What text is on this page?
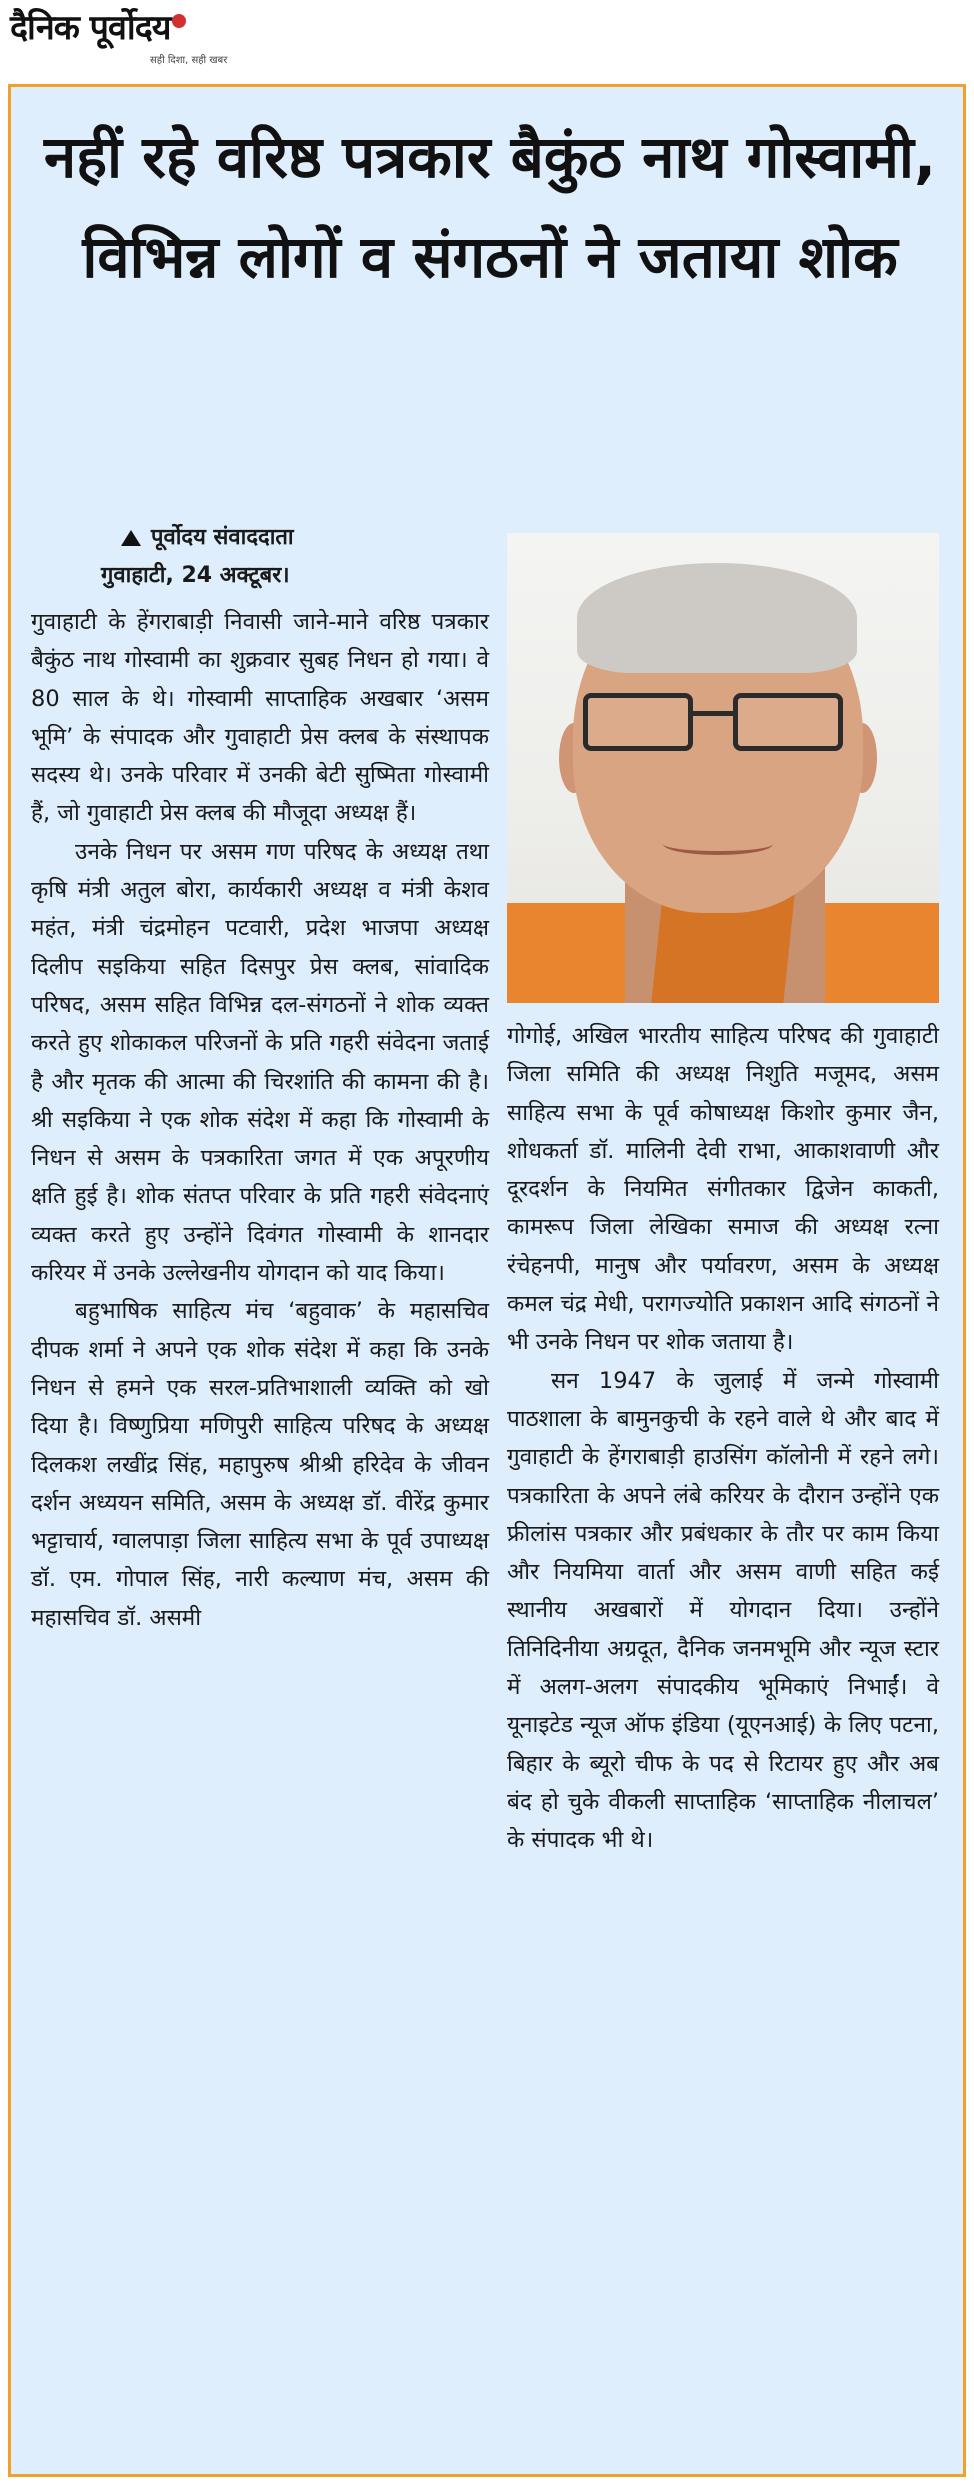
दैनिक पूर्वोदय
सही दिशा, सही खबर
नहीं रहे वरिष्ठ पत्रकार बैकुंठ नाथ गोस्वामी, विभिन्न लोगों व संगठनों ने जताया शोक
पूर्वोदय संवाददाता
गुवाहाटी, 24 अक्टूबर।

गुवाहाटी के हेंगराबाड़ी निवासी जाने-माने वरिष्ठ पत्रकार बैकुंठ नाथ गोस्वामी का शुक्रवार सुबह निधन हो गया। वे 80 साल के थे। गोस्वामी साप्ताहिक अखबार ‘असम भूमि’ के संपादक और गुवाहाटी प्रेस क्लब के संस्थापक सदस्य थे। उनके परिवार में उनकी बेटी सुष्मिता गोस्वामी हैं, जो गुवाहाटी प्रेस क्लब की मौजूदा अध्यक्ष हैं।

उनके निधन पर असम गण परिषद के अध्यक्ष तथा कृषि मंत्री अतुल बोरा, कार्यकारी अध्यक्ष व मंत्री केशव महंत, मंत्री चंद्रमोहन पटवारी, प्रदेश भाजपा अध्यक्ष दिलीप सइकिया सहित दिसपुर प्रेस क्लब, सांवादिक परिषद, असम सहित विभिन्न दल-संगठनों ने शोक व्यक्त करते हुए शोकाकल परिजनों के प्रति गहरी संवेदना जताई है और मृतक की आत्मा की चिरशांति की कामना की है। श्री सइकिया ने एक शोक संदेश में कहा कि गोस्वामी के निधन से असम के पत्रकारिता जगत में एक अपूरणीय क्षति हुई है। शोक संतप्त परिवार के प्रति गहरी संवेदनाएं व्यक्त करते हुए उन्होंने दिवंगत गोस्वामी के शानदार करियर में उनके उल्लेखनीय योगदान को याद किया।

बहुभाषिक साहित्य मंच ‘बहुवाक’ के महासचिव दीपक शर्मा ने अपने एक शोक संदेश में कहा कि उनके निधन से हमने एक सरल-प्रतिभाशाली व्यक्ति को खो दिया है। विष्णुप्रिया मणिपुरी साहित्य परिषद के अध्यक्ष दिलकश लखींद्र सिंह, महापुरुष श्रीश्री हरिदेव के जीवन दर्शन अध्ययन समिति, असम के अध्यक्ष डॉ. वीरेंद्र कुमार भट्टाचार्य, ग्वालपाड़ा जिला साहित्य सभा के पूर्व उपाध्यक्ष डॉ. एम. गोपाल सिंह, नारी कल्याण मंच, असम की महासचिव डॉ. असमी

गोगोई, अखिल भारतीय साहित्य परिषद की गुवाहाटी जिला समिति की अध्यक्ष निशुति मजूमद, असम साहित्य सभा के पूर्व कोषाध्यक्ष किशोर कुमार जैन, शोधकर्ता डॉ. मालिनी देवी राभा, आकाशवाणी और दूरदर्शन के नियमित संगीतकार द्विजेन काकती, कामरूप जिला लेखिका समाज की अध्यक्ष रत्ना रंचेहनपी, मानुष और पर्यावरण, असम के अध्यक्ष कमल चंद्र मेधी, परागज्योति प्रकाशन आदि संगठनों ने भी उनके निधन पर शोक जताया है।

सन 1947 के जुलाई में जन्मे गोस्वामी पाठशाला के बामुनकुची के रहने वाले थे और बाद में गुवाहाटी के हेंगराबाड़ी हाउसिंग कॉलोनी में रहने लगे। पत्रकारिता के अपने लंबे करियर के दौरान उन्होंने एक फ्रीलांस पत्रकार और प्रबंधकार के तौर पर काम किया और नियमिया वार्ता और असम वाणी सहित कई स्थानीय अखबारों में योगदान दिया। उन्होंने तिनिदिनीया अग्रदूत, दैनिक जनमभूमि और न्यूज स्टार में अलग-अलग संपादकीय भूमिकाएं निभाईं। वे यूनाइटेड न्यूज ऑफ इंडिया (यूएनआई) के लिए पटना, बिहार के ब्यूरो चीफ के पद से रिटायर हुए और अब बंद हो चुके वीकली साप्ताहिक ‘साप्ताहिक नीलाचल’ के संपादक भी थे।
